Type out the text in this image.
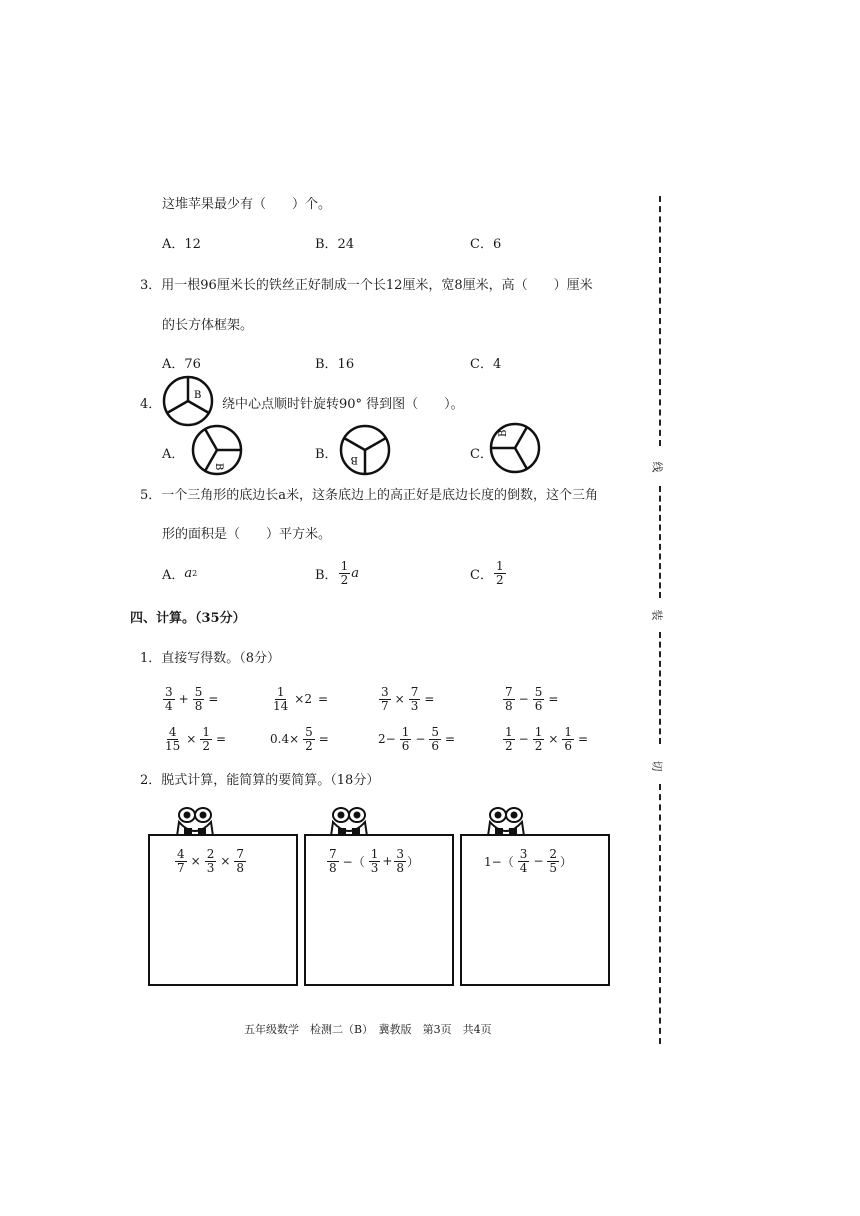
这堆苹果最少有（　　）个。
A．12	B．24	C．6
3．用一根96厘米长的铁丝正好制成一个长12厘米，宽8厘米，高（　　）厘米
的长方体框架。
A．76	B．16	C．4
4．
B
绕中心点顺时针旋转90° 得到图（　　）。
A．
B
B． B	C．
B
5．一个三角形的底边长a米，这条底边上的高正好是底边长度的倒数，这个三角
形的面积是（　　）平方米。
A． a 2	B． $\frac{1}{2}$ a	C． $\frac{1}{2}$
四、计算。（35分）
1．直接写得数。（8分）
$\frac{3}{4} + \frac{5}{8}$ =	$\frac{1}{14} \times 2$ =	$\frac{3}{7} \times \frac{7}{3}$ =	$\frac{7}{8} - \frac{5}{6}$ =
$\frac{4}{15} \times \frac{1}{2}$ =	$0.4\times \frac{5}{2}$ =	$2- \frac{1}{6} - \frac{5}{6}$ =	$\frac{1}{2} - \frac{1}{2} \times \frac{1}{6}$ =
2．脱式计算，能简算的要简算。（18分）
$\frac{4}{7} \times \frac{2}{3} \times \frac{7}{8}$	$\frac{7}{8}$ −（ $\frac{1}{3} + \frac{3}{8}$ ）	$1-( \frac{3}{4} - \frac{2}{5}$ ）
线
装
切
五年级数学　检测二（B）　冀教版　第3页　共4页
